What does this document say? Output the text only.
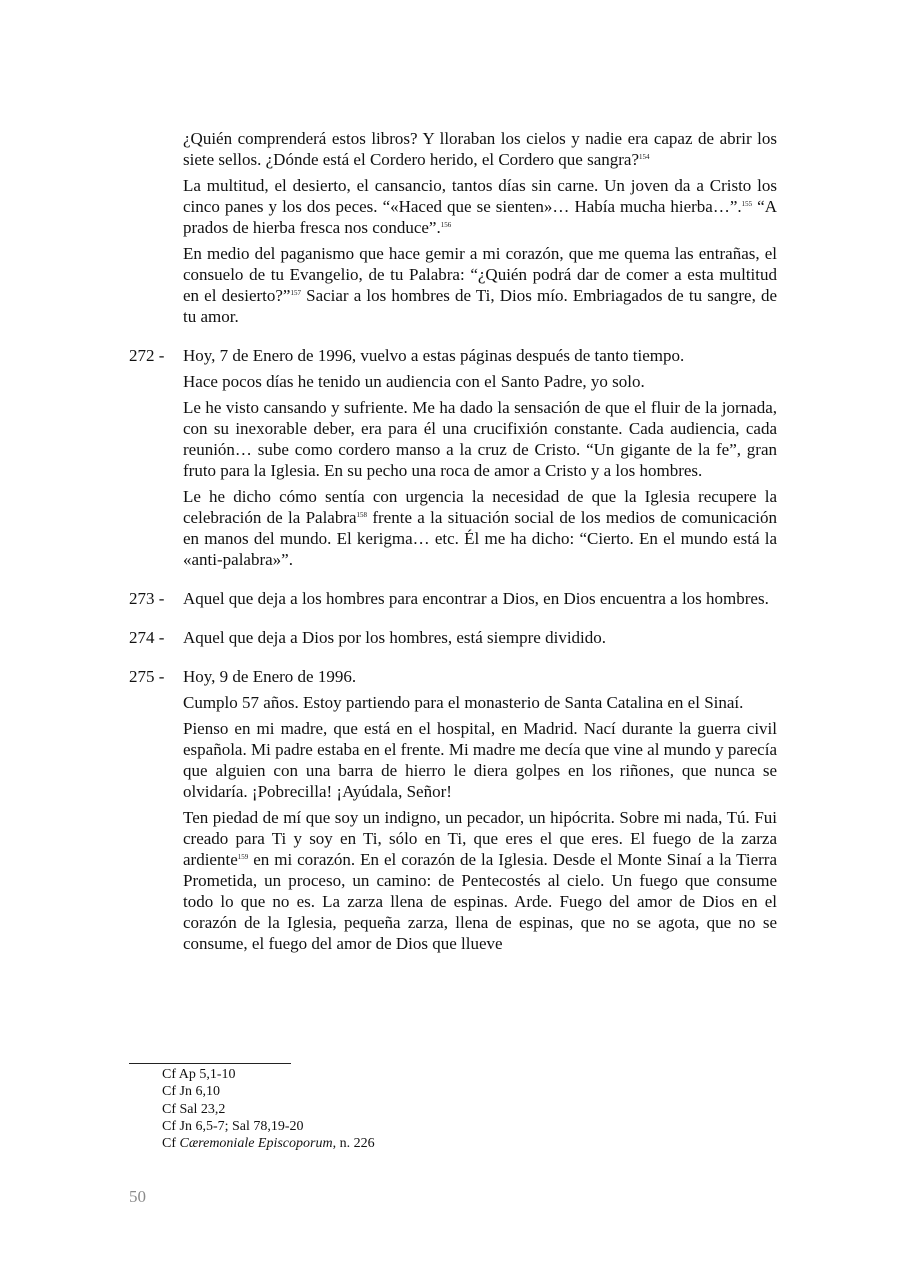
¿Quién comprenderá estos libros? Y lloraban los cielos y nadie era capaz de abrir los siete sellos. ¿Dónde está el Cordero herido, el Cordero que sangra?$^{154}$

La multitud, el desierto, el cansancio, tantos días sin carne. Un joven da a Cristo los cinco panes y los dos peces. “«Haced que se sienten»… Había mucha hierba…”.$^{155}$ “A prados de hierba fresca nos conduce”.$^{156}$

En medio del paganismo que hace gemir a mi corazón, que me quema las entrañas, el consuelo de tu Evangelio, de tu Palabra: “¿Quién podrá dar de comer a esta multitud en el desierto?”$^{157}$ Saciar a los hombres de Ti, Dios mío. Embriagados de tu sangre, de tu amor.

272 -	Hoy, 7 de Enero de 1996, vuelvo a estas páginas después de tanto tiempo.

Hace pocos días he tenido un audiencia con el Santo Padre, yo solo.

Le he visto cansando y sufriente. Me ha dado la sensación de que el fluir de la jornada, con su inexorable deber, era para él una crucifixión constante. Cada audiencia, cada reunión… sube como cordero manso a la cruz de Cristo. “Un gigante de la fe”, gran fruto para la Iglesia. En su pecho una roca de amor a Cristo y a los hombres.

Le he dicho cómo sentía con urgencia la necesidad de que la Iglesia recupere la celebración de la Palabra$^{158}$ frente a la situación social de los medios de comunicación en manos del mundo. El kerigma… etc. Él me ha dicho: “Cierto. En el mundo está la «anti-palabra»”.

273 -	Aquel que deja a los hombres para encontrar a Dios, en Dios encuentra a los hombres.

274 -	Aquel que deja a Dios por los hombres, está siempre dividido.

275 -	Hoy, 9 de Enero de 1996.

Cumplo 57 años. Estoy partiendo para el monasterio de Santa Catalina en el Sinaí.

Pienso en mi madre, que está en el hospital, en Madrid. Nací durante la guerra civil española. Mi padre estaba en el frente. Mi madre me decía que vine al mundo y parecía que alguien con una barra de hierro le diera golpes en los riñones, que nunca se olvidaría. ¡Pobrecilla! ¡Ayúdala, Señor!

Ten piedad de mí que soy un indigno, un pecador, un hipócrita. Sobre mi nada, Tú. Fui creado para Ti y soy en Ti, sólo en Ti, que eres el que eres. El fuego de la zarza ardiente$^{159}$ en mi corazón. En el corazón de la Iglesia. Desde el Monte Sinaí a la Tierra Prometida, un proceso, un camino: de Pentecostés al cielo. Un fuego que consume todo lo que no es. La zarza llena de espinas. Arde. Fuego del amor de Dios en el corazón de la Iglesia, pequeña zarza, llena de espinas, que no se agota, que no se consume, el fuego del amor de Dios que llueve

Cf Ap 5,1-10

Cf Jn 6,10

Cf Sal 23,2

Cf Jn 6,5-7; Sal 78,19-20

Cf Cæremoniale Episcoporum, n. 226

50
